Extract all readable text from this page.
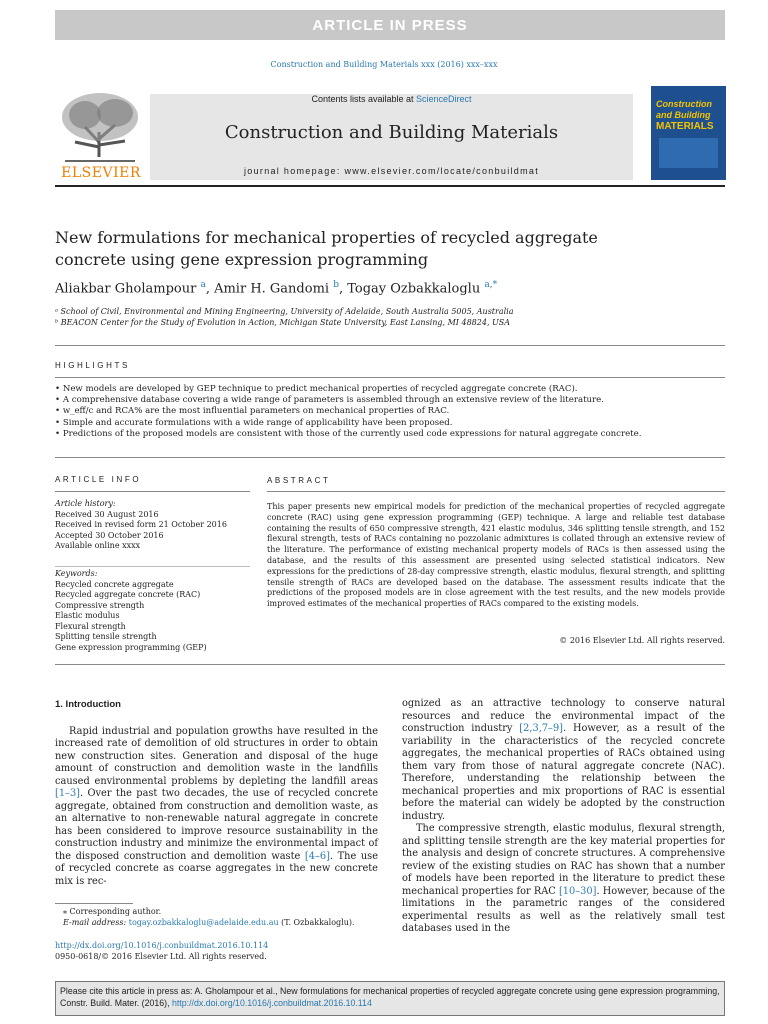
ARTICLE IN PRESS
Construction and Building Materials xxx (2016) xxx–xxx
ELSEVIER
Contents lists available at ScienceDirect
Construction and Building Materials
journal homepage: www.elsevier.com/locate/conbuildmat
Construction
and Building
MATERIALS
New formulations for mechanical properties of recycled aggregate
concrete using gene expression programming
Aliakbar Gholampour $^a$, Amir H. Gandomi $^b$, Togay Ozbakkaloglu $^{a,*}$
ᵃ School of Civil, Environmental and Mining Engineering, University of Adelaide, South Australia 5005, Australia
ᵇ BEACON Center for the Study of Evolution in Action, Michigan State University, East Lansing, MI 48824, USA
HIGHLIGHTS
• New models are developed by GEP technique to predict mechanical properties of recycled aggregate concrete (RAC).
• A comprehensive database covering a wide range of parameters is assembled through an extensive review of the literature.
• w_eff/c and RCA% are the most influential parameters on mechanical properties of RAC.
• Simple and accurate formulations with a wide range of applicability have been proposed.
• Predictions of the proposed models are consistent with those of the currently used code expressions for natural aggregate concrete.
ARTICLE INFO	ABSTRACT
Article history:
Received 30 August 2016
Received in revised form 21 October 2016
Accepted 30 October 2016
Available online xxxx
Keywords:
Recycled concrete aggregate
Recycled aggregate concrete (RAC)
Compressive strength
Elastic modulus
Flexural strength
Splitting tensile strength
Gene expression programming (GEP)
This paper presents new empirical models for prediction of the mechanical properties of recycled aggregate concrete (RAC) using gene expression programming (GEP) technique. A large and reliable test database containing the results of 650 compressive strength, 421 elastic modulus, 346 splitting tensile strength, and 152 flexural strength, tests of RACs containing no pozzolanic admixtures is collated through an extensive review of the literature. The performance of existing mechanical property models of RACs is then assessed using the database, and the results of this assessment are presented using selected statistical indicators. New expressions for the predictions of 28-day compressive strength, elastic modulus, flexural strength, and splitting tensile strength of RACs are developed based on the database. The assessment results indicate that the predictions of the proposed models are in close agreement with the test results, and the new models provide improved estimates of the mechanical properties of RACs compared to the existing models.
© 2016 Elsevier Ltd. All rights reserved.
1. Introduction
Rapid industrial and population growths have resulted in the increased rate of demolition of old structures in order to obtain new construction sites. Generation and disposal of the huge amount of construction and demolition waste in the landfills caused environmental problems by depleting the landfill areas [1–3]. Over the past two decades, the use of recycled concrete aggregate, obtained from construction and demolition waste, as an alternative to non-renewable natural aggregate in concrete has been considered to improve resource sustainability in the construction industry and minimize the environmental impact of the disposed construction and demolition waste [4–6]. The use of recycled concrete as coarse aggregates in the new concrete mix is rec-
ognized as an attractive technology to conserve natural resources and reduce the environmental impact of the construction industry [2,3,7–9]. However, as a result of the variability in the characteristics of the recycled concrete aggregates, the mechanical properties of RACs obtained using them vary from those of natural aggregate concrete (NAC). Therefore, understanding the relationship between the mechanical properties and mix proportions of RAC is essential before the material can widely be adopted by the construction industry.
The compressive strength, elastic modulus, flexural strength, and splitting tensile strength are the key material properties for the analysis and design of concrete structures. A comprehensive review of the existing studies on RAC has shown that a number of models have been reported in the literature to predict these mechanical properties for RAC [10–30]. However, because of the limitations in the parametric ranges of the considered experimental results as well as the relatively small test databases used in the
⁎ Corresponding author.
E-mail address: togay.ozbakkaloglu@adelaide.edu.au (T. Ozbakkaloglu).
http://dx.doi.org/10.1016/j.conbuildmat.2016.10.114
0950-0618/© 2016 Elsevier Ltd. All rights reserved.
Please cite this article in press as: A. Gholampour et al., New formulations for mechanical properties of recycled aggregate concrete using gene expression programming, Constr. Build. Mater. (2016), http://dx.doi.org/10.1016/j.conbuildmat.2016.10.114
